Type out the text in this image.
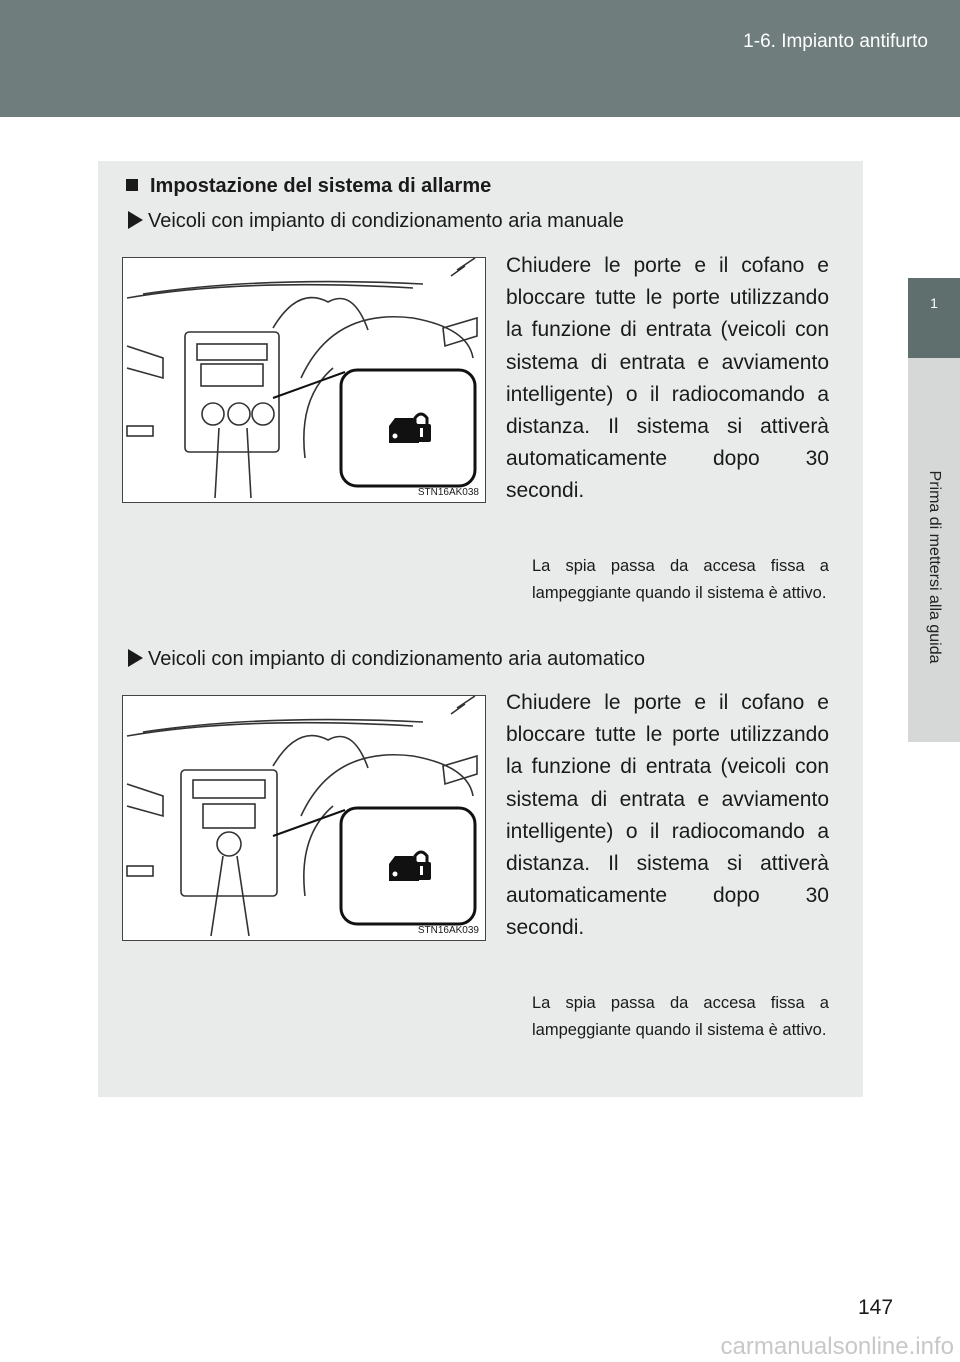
1-6. Impianto antifurto
1
Prima di mettersi alla guida
Impostazione del sistema di allarme
Veicoli con impianto di condizionamento aria manuale
STN16AK038
Chiudere le porte e il cofano e bloccare tutte le porte utilizzando la funzione di entrata (veicoli con sistema di entrata e avviamento intelligente) o il radiocomando a distanza. Il sistema si attiverà automaticamente dopo 30 secondi.
La spia passa da accesa fissa a lampeggiante quando il sistema è attivo.
Veicoli con impianto di condizionamento aria automatico
STN16AK039
Chiudere le porte e il cofano e bloccare tutte le porte utilizzando la funzione di entrata (veicoli con sistema di entrata e avviamento intelligente) o il radiocomando a distanza. Il sistema si attiverà automaticamente dopo 30 secondi.
La spia passa da accesa fissa a lampeggiante quando il sistema è attivo.
147
carmanualsonline.info
